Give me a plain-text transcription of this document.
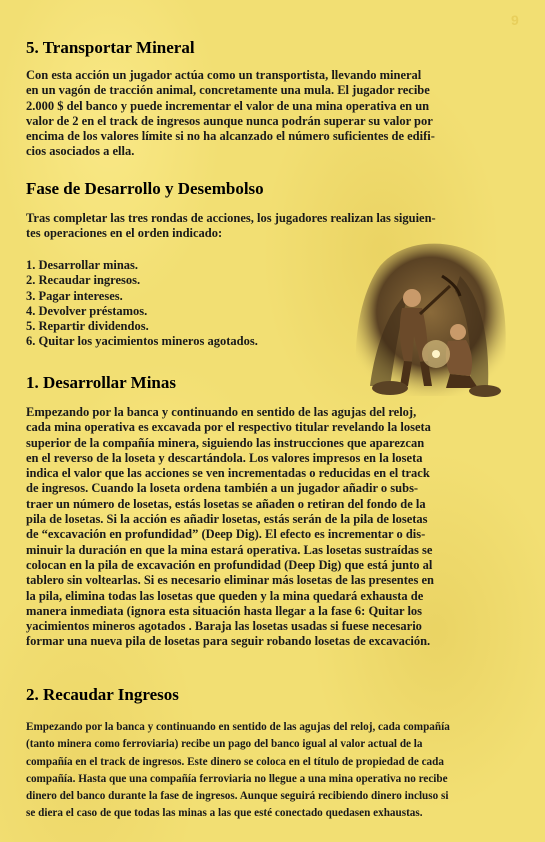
9
5. Transportar Mineral

Con esta acción un jugador actúa como un transportista, llevando mineral
en un vagón de tracción animal, concretamente una mula. El jugador recibe
2.000 $ del banco y puede incrementar el valor de una mina operativa en un
valor de 2 en el track de ingresos aunque nunca podrán superar su valor por
encima de los valores límite si no ha alcanzado el número suficientes de edifi-
cios asociados a ella.

Fase de Desarrollo y Desembolso

Tras completar las tres rondas de acciones, los jugadores realizan las siguien-
tes operaciones en el orden indicado:

1. Desarrollar minas.
2. Recaudar ingresos.
3. Pagar intereses.
4. Devolver préstamos.
5. Repartir dividendos.
6. Quitar los yacimientos mineros agotados.
1. Desarrollar Minas

Empezando por la banca y continuando en sentido de las agujas del reloj,
cada mina operativa es excavada por el respectivo titular revelando la loseta
superior de la compañía minera, siguiendo las instrucciones que aparezcan
en el reverso de la loseta y descartándola. Los valores impresos en la loseta
indica el valor que las acciones se ven incrementadas o reducidas en el track
de ingresos. Cuando la loseta ordena también a un jugador añadir o subs-
traer un número de losetas, estás losetas se añaden o retiran del fondo de la
pila de losetas. Si la acción es añadir losetas, estás serán de la pila de losetas
de “excavación en profundidad” (Deep Dig). El efecto es incrementar o dis-
minuir la duración en que la mina estará operativa. Las losetas sustraídas se
colocan en la pila de excavación en profundidad (Deep Dig) que está junto al
tablero sin voltearlas. Si es necesario eliminar más losetas de las presentes en
la pila, elimina todas las losetas que queden y la mina quedará exhausta de
manera inmediata (ignora esta situación hasta llegar a la fase 6: Quitar los
yacimientos mineros agotados . Baraja las losetas usadas si fuese necesario
formar una nueva pila de losetas para seguir robando losetas de excavación.

2. Recaudar Ingresos

Empezando por la banca y continuando en sentido de las agujas del reloj, cada compañía
(tanto minera como ferroviaria) recibe un pago del banco igual al valor actual de la
compañía en el track de ingresos. Este dinero se coloca en el título de propiedad de cada
compañía. Hasta que una compañía ferroviaria no llegue a una mina operativa no recibe
dinero del banco durante la fase de ingresos. Aunque seguirá recibiendo dinero incluso si
se diera el caso de que todas las minas a las que esté conectado quedasen exhaustas.
